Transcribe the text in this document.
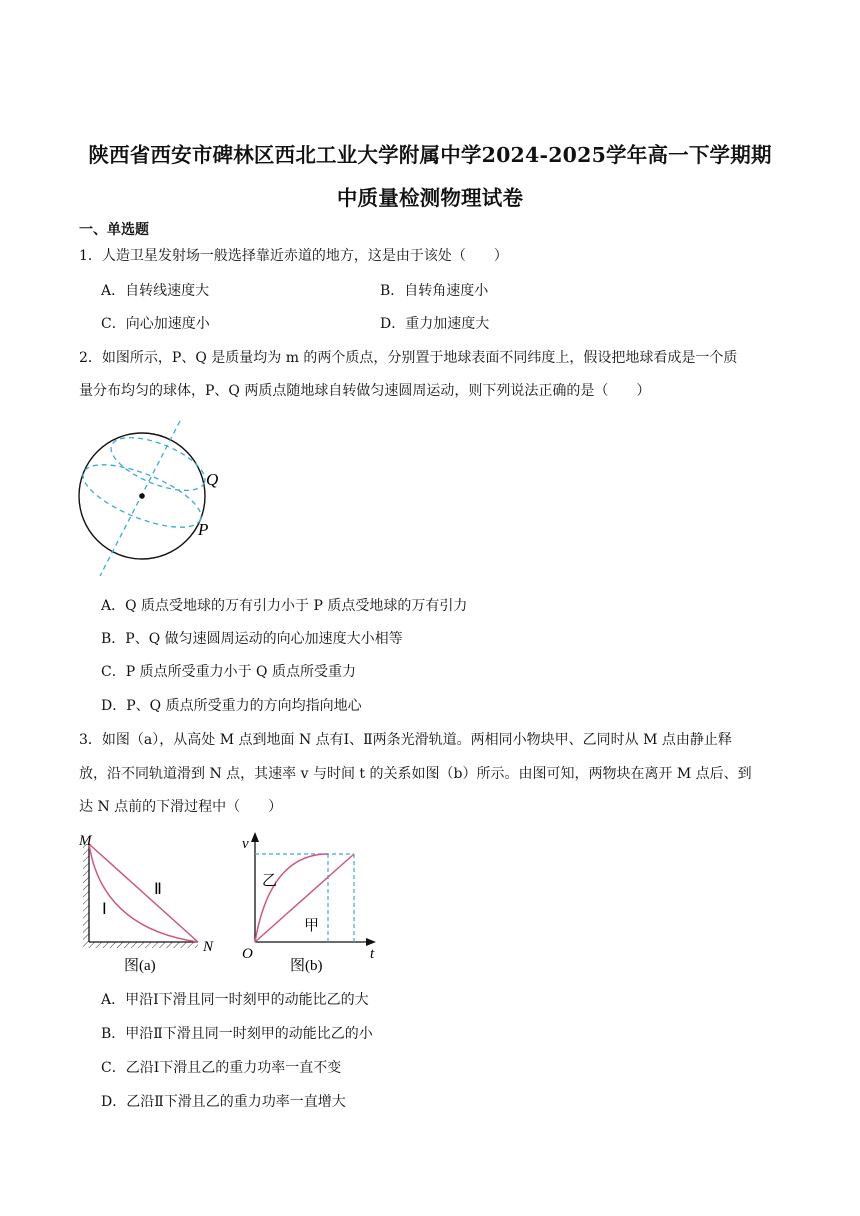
陕西省西安市碑林区西北工业大学附属中学2024-2025学年高一下学期期
中质量检测物理试卷
一、单选题
1．人造卫星发射场一般选择靠近赤道的地方，这是由于该处（　　）
A．自转线速度大	B．自转角速度小
C．向心加速度小	D．重力加速度大
2．如图所示，P、Q 是质量均为 m 的两个质点，分别置于地球表面不同纬度上，假设把地球看成是一个质
量分布均匀的球体，P、Q 两质点随地球自转做匀速圆周运动，则下列说法正确的是（　　）
Q
P
A．Q 质点受地球的万有引力小于 P 质点受地球的万有引力
B．P、Q 做匀速圆周运动的向心加速度大小相等
C．P 质点所受重力小于 Q 质点所受重力
D．P、Q 质点所受重力的方向均指向地心
3．如图（a），从高处 M 点到地面 N 点有Ⅰ、Ⅱ两条光滑轨道。两相同小物块甲、乙同时从 M 点由静止释
放，沿不同轨道滑到 N 点，其速率 v 与时间 t 的关系如图（b）所示。由图可知，两物块在离开 M 点后、到
达 N 点前的下滑过程中（　　）
M
N
Ⅱ
Ⅰ
图(a)
v
t
O
乙
甲
图(b)
A．甲沿Ⅰ下滑且同一时刻甲的动能比乙的大
B．甲沿Ⅱ下滑且同一时刻甲的动能比乙的小
C．乙沿Ⅰ下滑且乙的重力功率一直不变
D．乙沿Ⅱ下滑且乙的重力功率一直增大
